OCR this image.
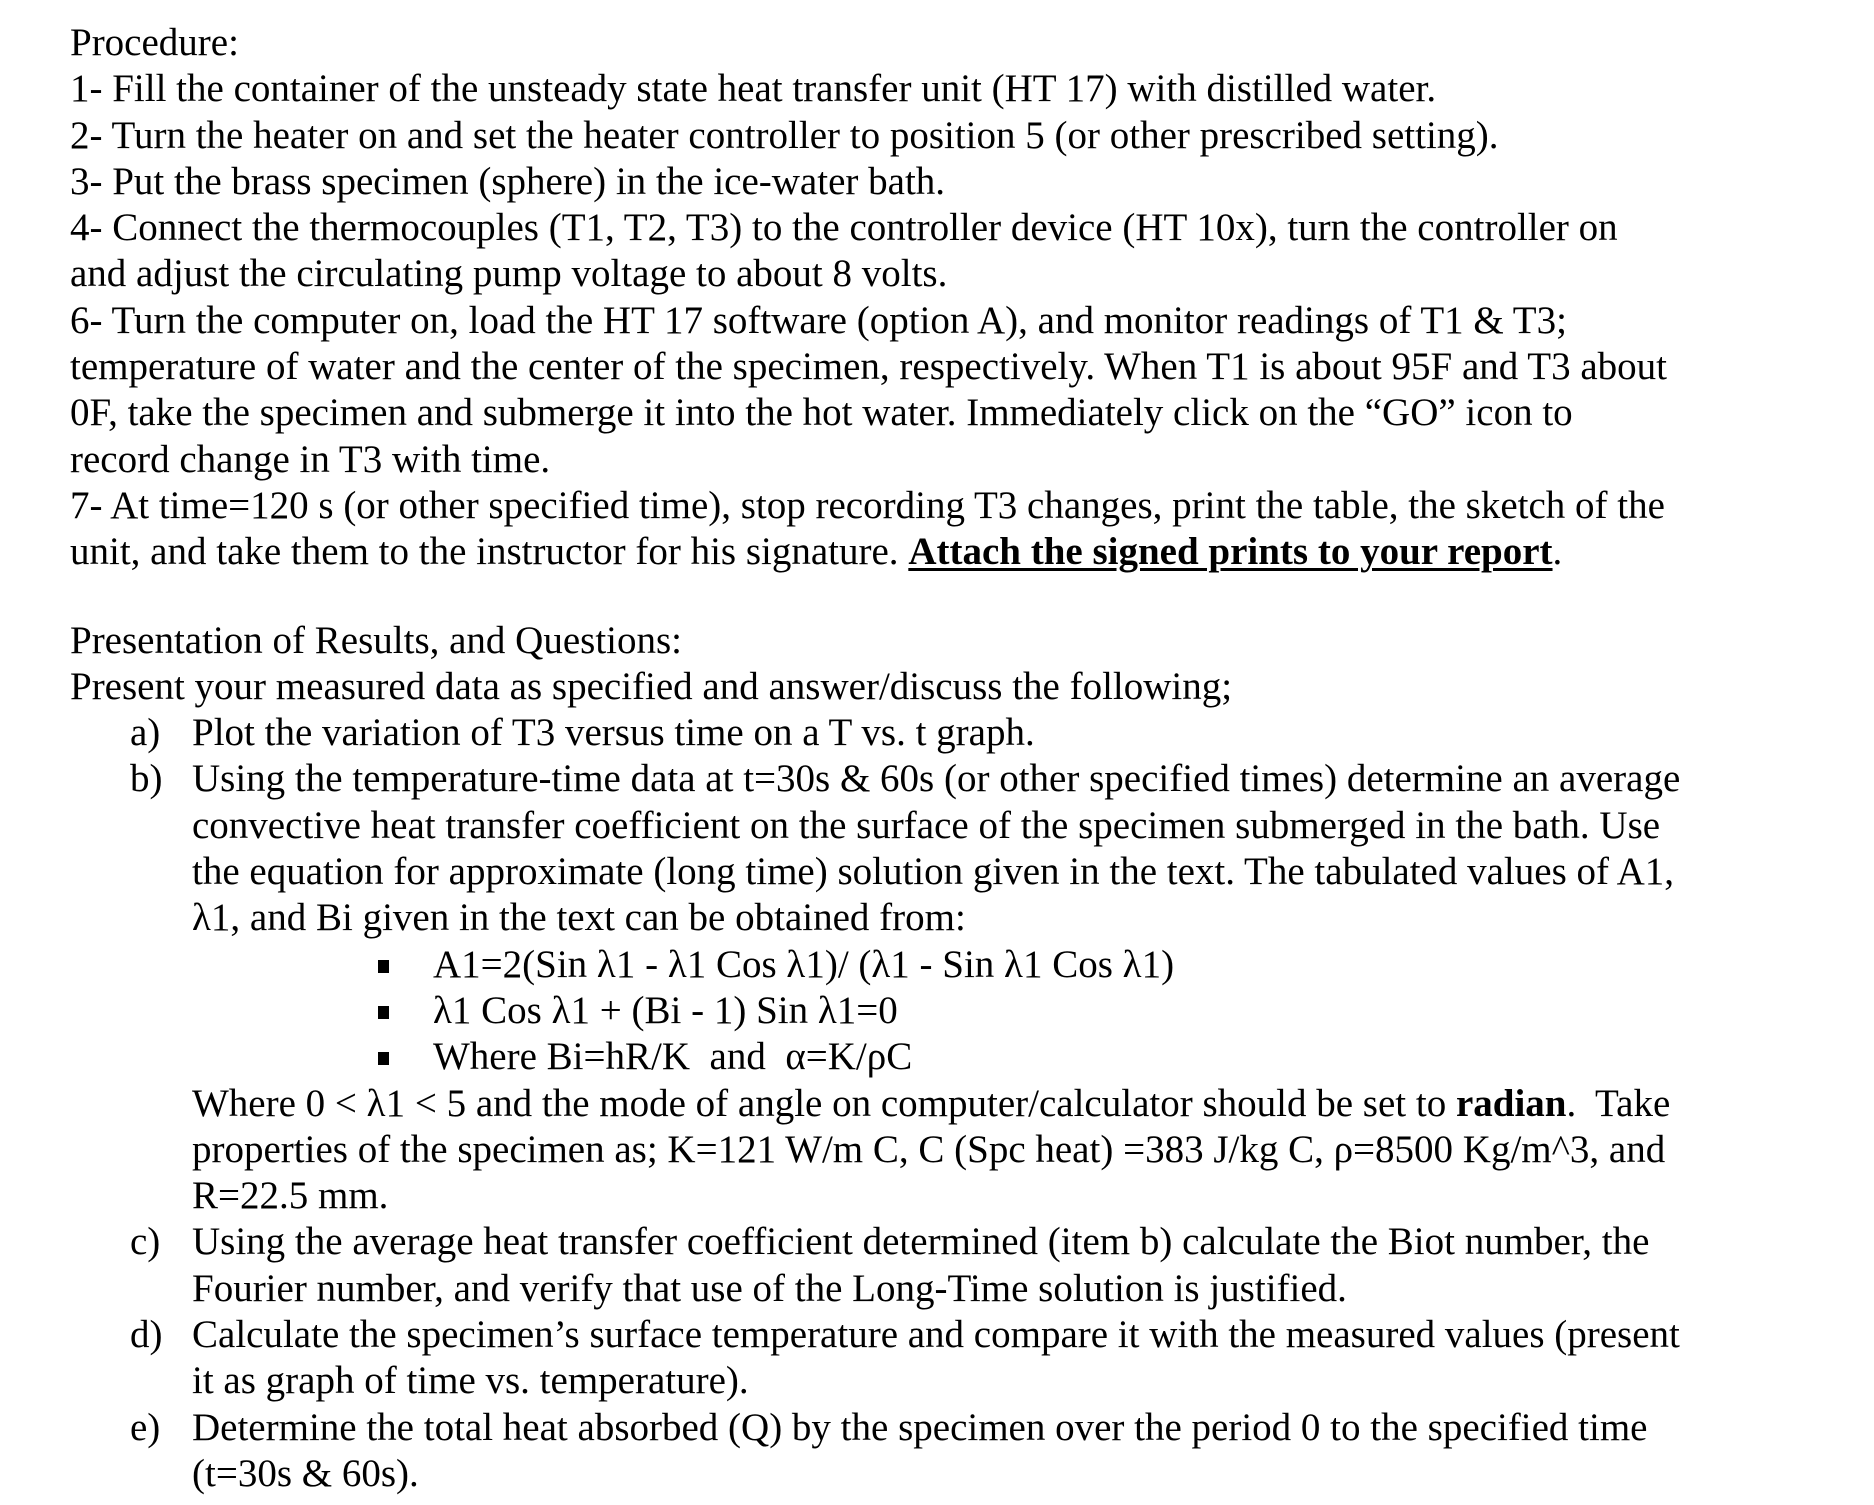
Procedure:
1- Fill the container of the unsteady state heat transfer unit (HT 17) with distilled water.
2- Turn the heater on and set the heater controller to position 5 (or other prescribed setting).
3- Put the brass specimen (sphere) in the ice-water bath.
4- Connect the thermocouples (T1, T2, T3) to the controller device (HT 10x), turn the controller on
and adjust the circulating pump voltage to about 8 volts.
6- Turn the computer on, load the HT 17 software (option A), and monitor readings of T1 & T3;
temperature of water and the center of the specimen, respectively. When T1 is about 95F and T3 about
0F, take the specimen and submerge it into the hot water. Immediately click on the “GO” icon to
record change in T3 with time.
7- At time=120 s (or other specified time), stop recording T3 changes, print the table, the sketch of the
unit, and take them to the instructor for his signature. Attach the signed prints to your report.
Presentation of Results, and Questions:
Present your measured data as specified and answer/discuss the following;
a) Plot the variation of T3 versus time on a T vs. t graph.
b) Using the temperature-time data at t=30s & 60s (or other specified times) determine an average
convective heat transfer coefficient on the surface of the specimen submerged in the bath. Use
the equation for approximate (long time) solution given in the text. The tabulated values of A1,
λ1, and Bi given in the text can be obtained from:
A1=2(Sin λ1 - λ1 Cos λ1)/ (λ1 - Sin λ1 Cos λ1)
λ1 Cos λ1 + (Bi - 1) Sin λ1=0
Where Bi=hR/K  and  α=K/ρC
Where 0 < λ1 < 5 and the mode of angle on computer/calculator should be set to radian.  Take
properties of the specimen as; K=121 W/m C, C (Spc heat) =383 J/kg C, ρ=8500 Kg/m^3, and
R=22.5 mm.
c) Using the average heat transfer coefficient determined (item b) calculate the Biot number, the
Fourier number, and verify that use of the Long-Time solution is justified.
d) Calculate the specimen’s surface temperature and compare it with the measured values (present
it as graph of time vs. temperature).
e) Determine the total heat absorbed (Q) by the specimen over the period 0 to the specified time
(t=30s & 60s).
